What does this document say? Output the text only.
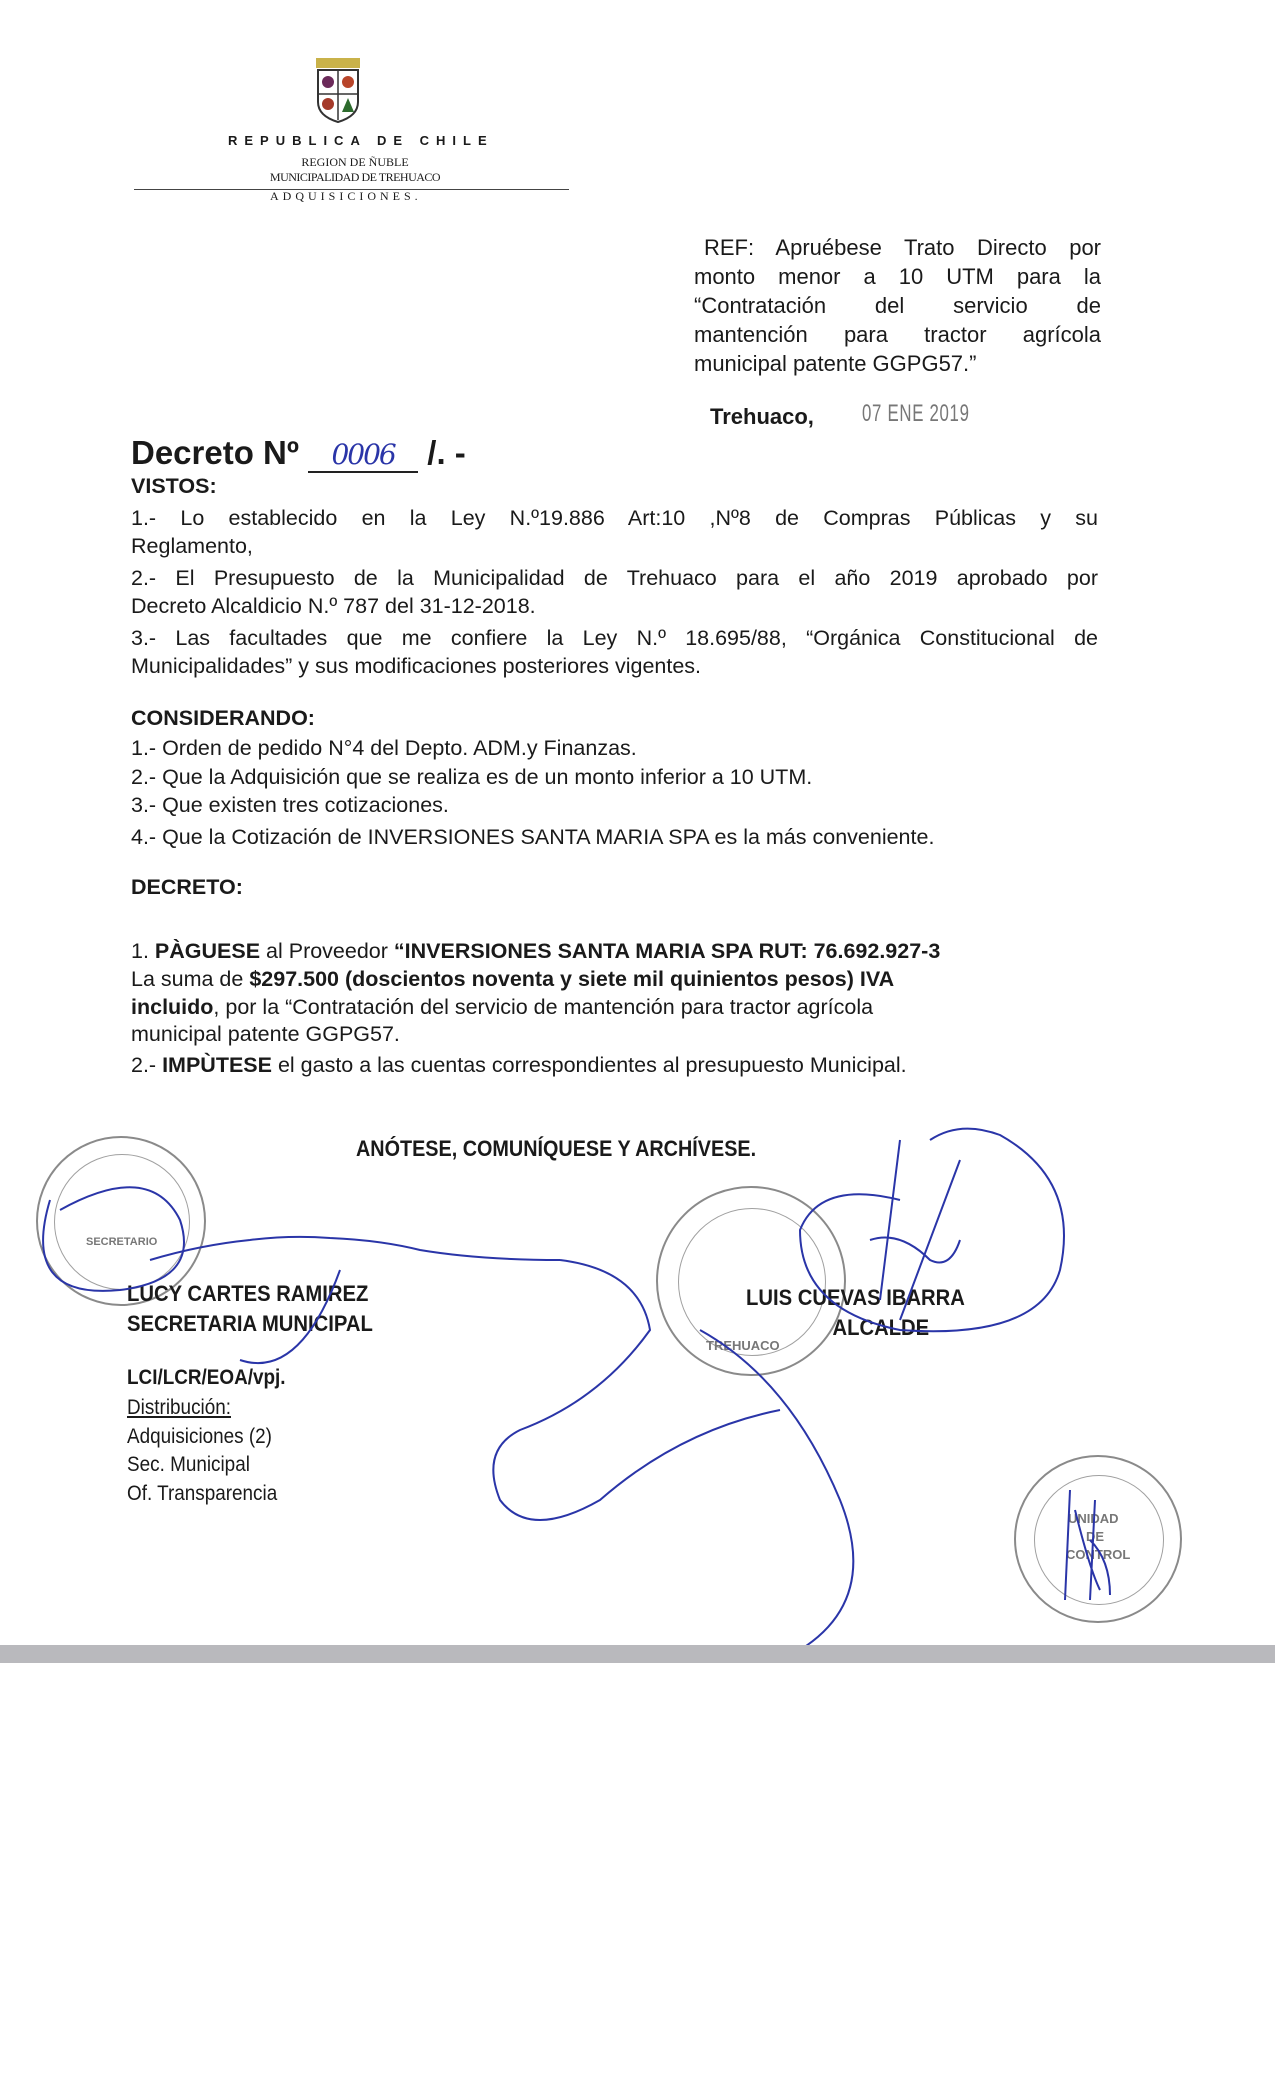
REPUBLICA DE CHILE
REGION DE ÑUBLE
MUNICIPALIDAD DE TREHUACO
ADQUISICIONES.
REF: Apruébese Trato Directo por
monto menor a 10 UTM para la
“Contratación del servicio de
mantención para tractor agrícola
municipal patente GGPG57.”
Trehuaco, 07 ENE 2019
Decreto Nº 0006 /. -
VISTOS:
1.- Lo establecido en la Ley N.º19.886 Art:10 ,Nº8 de Compras Públicas y su
Reglamento,
2.- El Presupuesto de la Municipalidad de Trehuaco para el año 2019 aprobado por
Decreto Alcaldicio N.º 787 del 31-12-2018.
3.- Las facultades que me confiere la Ley N.º 18.695/88, “Orgánica Constitucional de
Municipalidades” y sus modificaciones posteriores vigentes.
CONSIDERANDO:
1.- Orden de pedido N°4 del Depto. ADM.y Finanzas.
2.- Que la Adquisición que se realiza es de un monto inferior a 10 UTM.
3.- Que existen tres cotizaciones.
4.- Que la Cotización de INVERSIONES SANTA MARIA SPA es la más conveniente.
DECRETO:
1. PÀGUESE al Proveedor “INVERSIONES SANTA MARIA SPA RUT: 76.692.927-3
La suma de $297.500 (doscientos noventa y siete mil quinientos pesos) IVA
incluido, por la “Contratación del servicio de mantención para tractor agrícola
municipal patente GGPG57.
2.- IMPÙTESE el gasto a las cuentas correspondientes al presupuesto Municipal.
ANÓTESE, COMUNÍQUESE Y ARCHÍVESE.
SECRETARIO
TREHUACO
UNIDAD
DE
CONTROL
LUCY CARTES RAMIREZ
SECRETARIA MUNICIPAL
LUIS CUEVAS IBARRA
ALCALDE
LCI/LCR/EOA/vpj.
Distribución:
Adquisiciones (2)
Sec. Municipal
Of. Transparencia
